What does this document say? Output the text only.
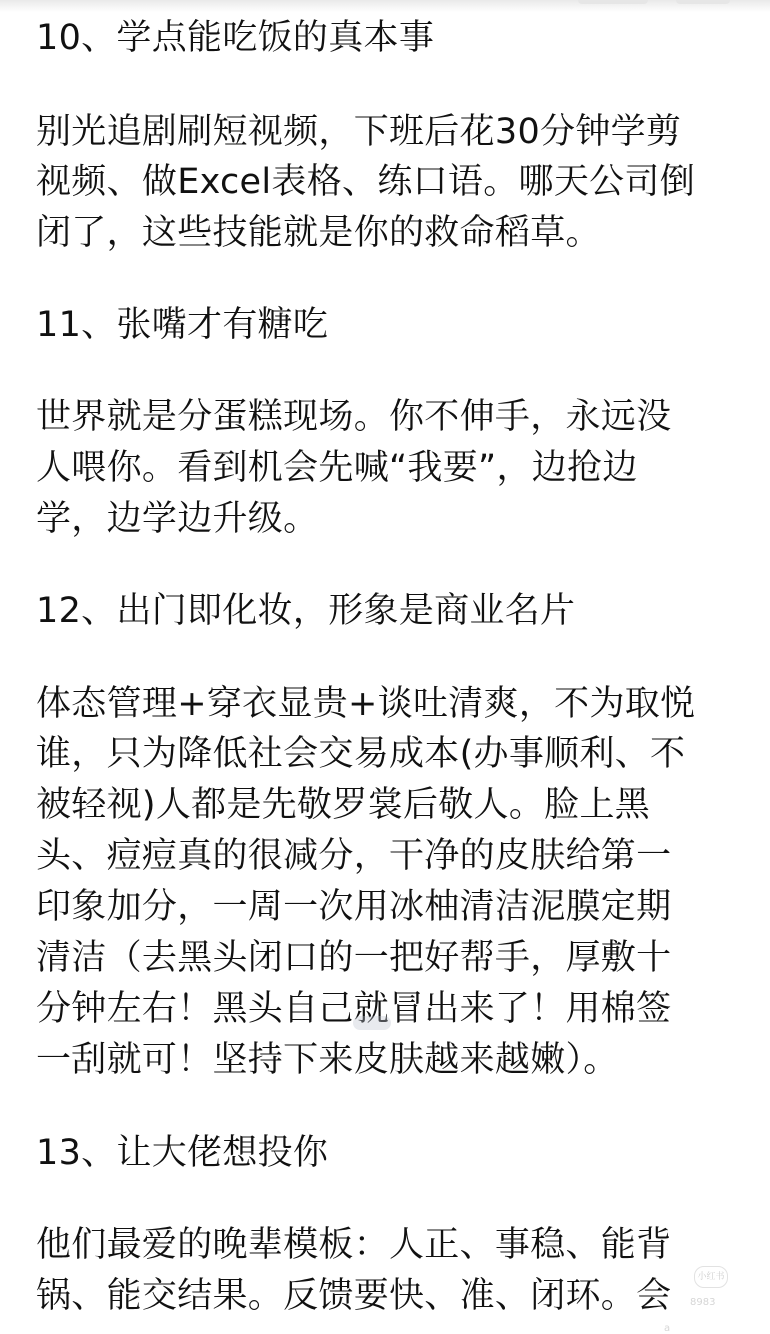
10、学点能吃饭的真本事
别光追剧刷短视频，下班后花30分钟学剪
视频、做Excel表格、练口语。哪天公司倒
闭了，这些技能就是你的救命稻草。
11、张嘴才有糖吃
世界就是分蛋糕现场。你不伸手，永远没
人喂你。看到机会先喊“我要”，边抢边
学，边学边升级。
12、出门即化妆，形象是商业名片
体态管理+穿衣显贵+谈吐清爽，不为取悦
谁，只为降低社会交易成本(办事顺利、不
被轻视)人都是先敬罗裳后敬人。脸上黑
头、痘痘真的很减分，干净的皮肤给第一
印象加分，一周一次用冰柚清洁泥膜定期
清洁（去黑头闭口的一把好帮手，厚敷十
分钟左右！黑头自己就冒出来了！用棉签
一刮就可！坚持下来皮肤越来越嫩）。
13、让大佬想投你
他们最爱的晚辈模板：人正、事稳、能背
锅、能交结果。反馈要快、准、闭环。会	小红书
8983
a
